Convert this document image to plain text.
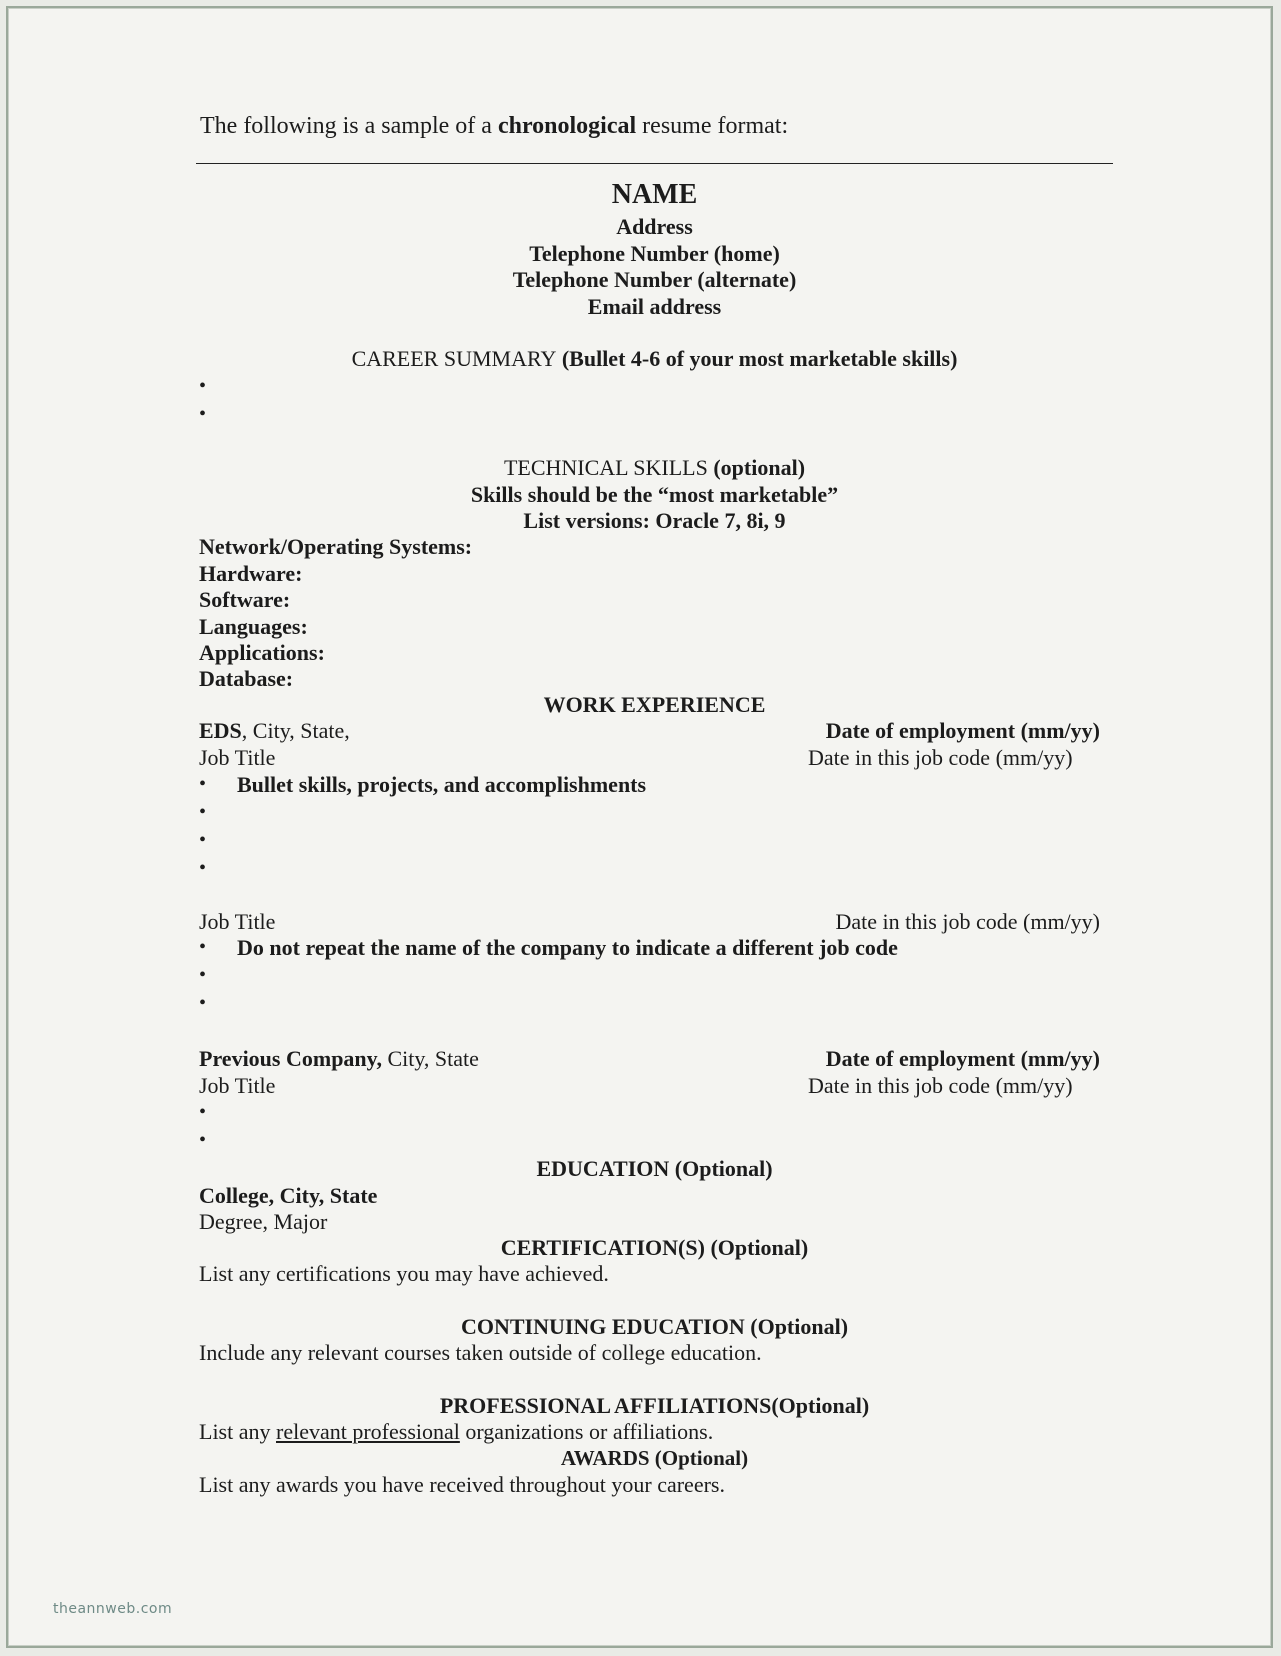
The following is a sample of a chronological resume format:
NAME
Address
Telephone Number (home)
Telephone Number (alternate)
Email address
CAREER SUMMARY (Bullet 4-6 of your most marketable skills)
•
•
TECHNICAL SKILLS (optional)
Skills should be the “most marketable”
List versions: Oracle 7, 8i, 9
Network/Operating Systems:
Hardware:
Software:
Languages:
Applications:
Database:
WORK EXPERIENCE
EDS, City, State,	Date of employment (mm/yy)
Job Title	Date in this job code (mm/yy)
• Bullet skills, projects, and accomplishments
•
•
•
Job Title	Date in this job code (mm/yy)
• Do not repeat the name of the company to indicate a different job code
•
•
Previous Company, City, State	Date of employment (mm/yy)
Job Title	Date in this job code (mm/yy)
•
•
EDUCATION (Optional)
College, City, State
Degree, Major
CERTIFICATION(S) (Optional)
List any certifications you may have achieved.
CONTINUING EDUCATION (Optional)
Include any relevant courses taken outside of college education.
PROFESSIONAL AFFILIATIONS(Optional)
List any relevant professional organizations or affiliations.
AWARDS (Optional)
List any awards you have received throughout your careers.
theannweb.com
